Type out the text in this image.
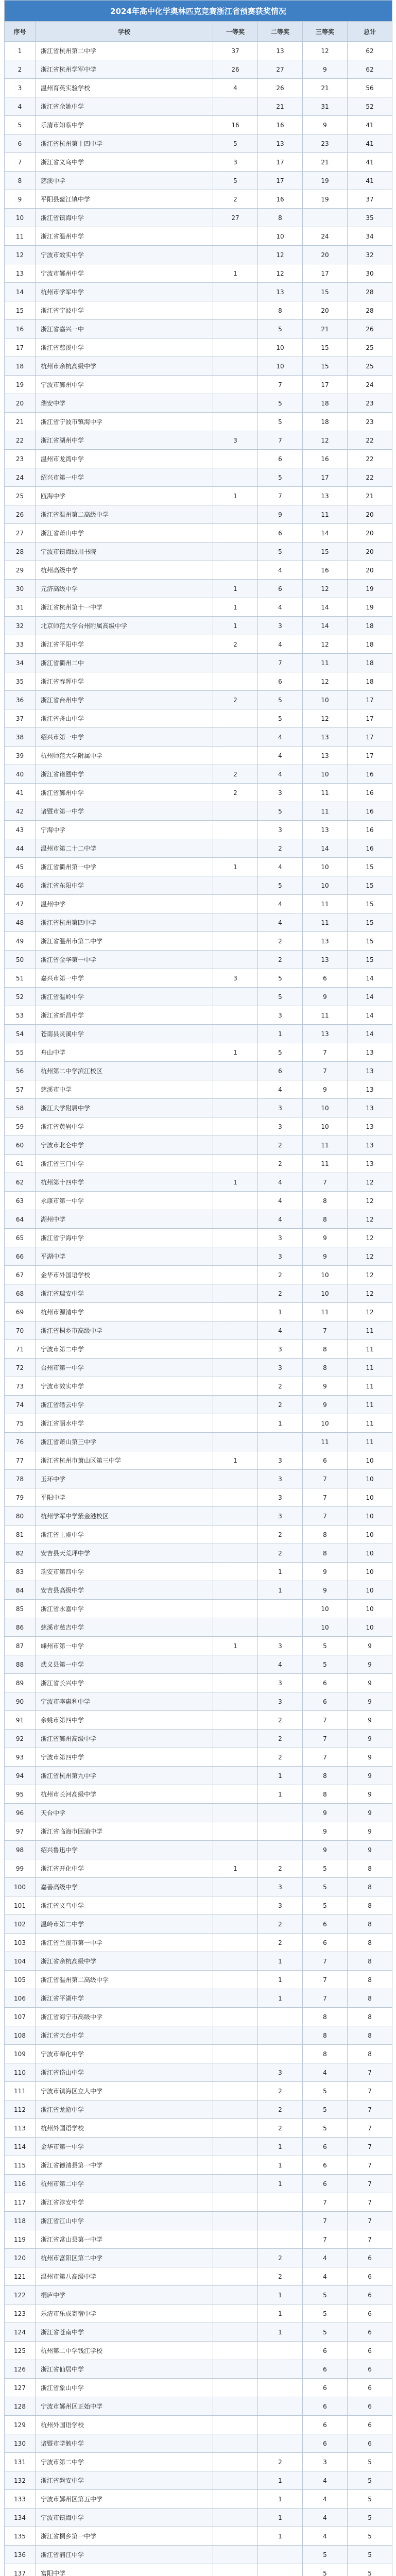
2024年高中化学奥林匹克竞赛浙江省预赛获奖情况					
序号	学校	一等奖	二等奖	三等奖	总计
1	浙江省杭州第二中学	37	13	12	62
2	浙江省杭州学军中学	26	27	9	62
3	温州育英实验学校	4	26	21	56
4	浙江省余姚中学		21	31	52
5	乐清市知临中学	16	16	9	41
6	浙江省杭州第十四中学	5	13	23	41
7	浙江省义乌中学	3	17	21	41
8	慈溪中学	5	17	19	41
9	平阳县鳌江镇中学	2	16	19	37
10	浙江省镇海中学	27	8		35
11	浙江省温州中学		10	24	34
12	宁波市效实中学		12	20	32
13	宁波市鄞州中学	1	12	17	30
14	杭州市学军中学		13	15	28
15	浙江省宁波中学		8	20	28
16	浙江省嘉兴一中		5	21	26
17	浙江省慈溪中学		10	15	25
18	杭州市余杭高级中学		10	15	25
19	宁波市鄞州中学		7	17	24
20	瑞安中学		5	18	23
21	浙江省宁波市镇海中学		5	18	23
22	浙江省湖州中学	3	7	12	22
23	温州市龙湾中学		6	16	22
24	绍兴市第一中学		5	17	22
25	瓯海中学	1	7	13	21
26	浙江省温州第二高级中学		9	11	20
27	浙江省萧山中学		6	14	20
28	宁波市镇海蛟川书院		5	15	20
29	杭州高级中学		4	16	20
30	元济高级中学	1	6	12	19
31	浙江省杭州第十一中学	1	4	14	19
32	北京师范大学台州附属高级中学	1	3	14	18
33	浙江省平阳中学	2	4	12	18
34	浙江省衢州二中		7	11	18
35	浙江省春晖中学		6	12	18
36	浙江省台州中学	2	5	10	17
37	浙江省舟山中学		5	12	17
38	绍兴市第一中学		4	13	17
39	杭州师范大学附属中学		4	13	17
40	浙江省诸暨中学	2	4	10	16
41	浙江省鄞州中学	2	3	11	16
42	诸暨市第一中学		5	11	16
43	宁海中学		3	13	16
44	温州市第二十二中学		2	14	16
45	浙江省衢州第一中学	1	4	10	15
46	浙江省东阳中学		5	10	15
47	温州中学		4	11	15
48	浙江省杭州第四中学		4	11	15
49	浙江省温州市第二中学		2	13	15
50	浙江省金华第一中学		2	13	15
51	嘉兴市第一中学	3	5	6	14
52	浙江省温岭中学		5	9	14
53	浙江省新昌中学		3	11	14
54	苍南县灵溪中学		1	13	14
55	舟山中学	1	5	7	13
56	杭州第二中学滨江校区		6	7	13
57	慈溪市中学		4	9	13
58	浙江大学附属中学		3	10	13
59	浙江省黄岩中学		3	10	13
60	宁波市北仑中学		2	11	13
61	浙江省三门中学		2	11	13
62	杭州第十四中学	1	4	7	12
63	永康市第一中学		4	8	12
64	湖州中学		4	8	12
65	浙江省宁海中学		3	9	12
66	平湖中学		3	9	12
67	金华市外国语学校		2	10	12
68	浙江省瑞安中学		2	10	12
69	杭州市源清中学		1	11	12
70	浙江省桐乡市高级中学		4	7	11
71	宁波市第二中学		3	8	11
72	台州市第一中学		3	8	11
73	宁波市效实中学		2	9	11
74	浙江省缙云中学		2	9	11
75	浙江省丽水中学		1	10	11
76	浙江省萧山第三中学			11	11
77	浙江省杭州市萧山区第三中学	1	3	6	10
78	玉环中学		3	7	10
79	平阳中学		3	7	10
80	杭州学军中学紫金港校区		3	7	10
81	浙江省上虞中学		2	8	10
82	安吉县天荒坪中学		2	8	10
83	瑞安市第四中学		1	9	10
84	安吉县高级中学		1	9	10
85	浙江省永嘉中学			10	10
86	慈溪市慈吉中学			10	10
87	嵊州市第一中学	1	3	5	9
88	武义县第一中学		4	5	9
89	浙江省长兴中学		3	6	9
90	宁波市李惠利中学		3	6	9
91	余姚市第四中学		2	7	9
92	浙江省鄞州高级中学		2	7	9
93	宁波市第四中学		2	7	9
94	浙江省杭州第九中学		1	8	9
95	杭州市长河高级中学		1	8	9
96	天台中学			9	9
97	浙江省临海市回浦中学			9	9
98	绍兴鲁迅中学			9	9
99	浙江省开化中学	1	2	5	8
100	嘉善高级中学		3	5	8
101	浙江省义乌中学		3	5	8
102	温岭市第二中学		2	6	8
103	浙江省兰溪市第一中学		2	6	8
104	浙江省余杭高级中学		1	7	8
105	浙江省温州第二高级中学		1	7	8
106	浙江省平湖中学		1	7	8
107	浙江省海宁市高级中学			8	8
108	浙江省天台中学			8	8
109	宁波市奉化中学			8	8
110	浙江省岱山中学		3	4	7
111	宁波市镇海区立人中学		2	5	7
112	浙江省龙游中学		2	5	7
113	杭州外国语学校		2	5	7
114	金华市第一中学		1	6	7
115	浙江省德清县第一中学		1	6	7
116	杭州市第二中学		1	6	7
117	浙江省淳安中学			7	7
118	浙江省江山中学			7	7
119	浙江省常山县第一中学			7	7
120	杭州市富阳区第二中学		2	4	6
121	温州市第八高级中学		2	4	6
122	桐庐中学		1	5	6
123	乐清市乐成寄宿中学		1	5	6
124	浙江省苍南中学		1	5	6
125	杭州第二中学钱江学校			6	6
126	浙江省仙居中学			6	6
127	浙江省象山中学			6	6
128	宁波市鄞州区正始中学			6	6
129	杭州外国语学校			6	6
130	诸暨市学勉中学			6	6
131	宁波市第二中学		2	3	5
132	浙江省磐安中学		1	4	5
133	宁波市鄞州区第五中学		1	4	5
134	宁波市镇海中学		1	4	5
135	浙江省桐乡第一中学		1	4	5
136	浙江省浦江中学			5	5
137	富阳中学			5	5
